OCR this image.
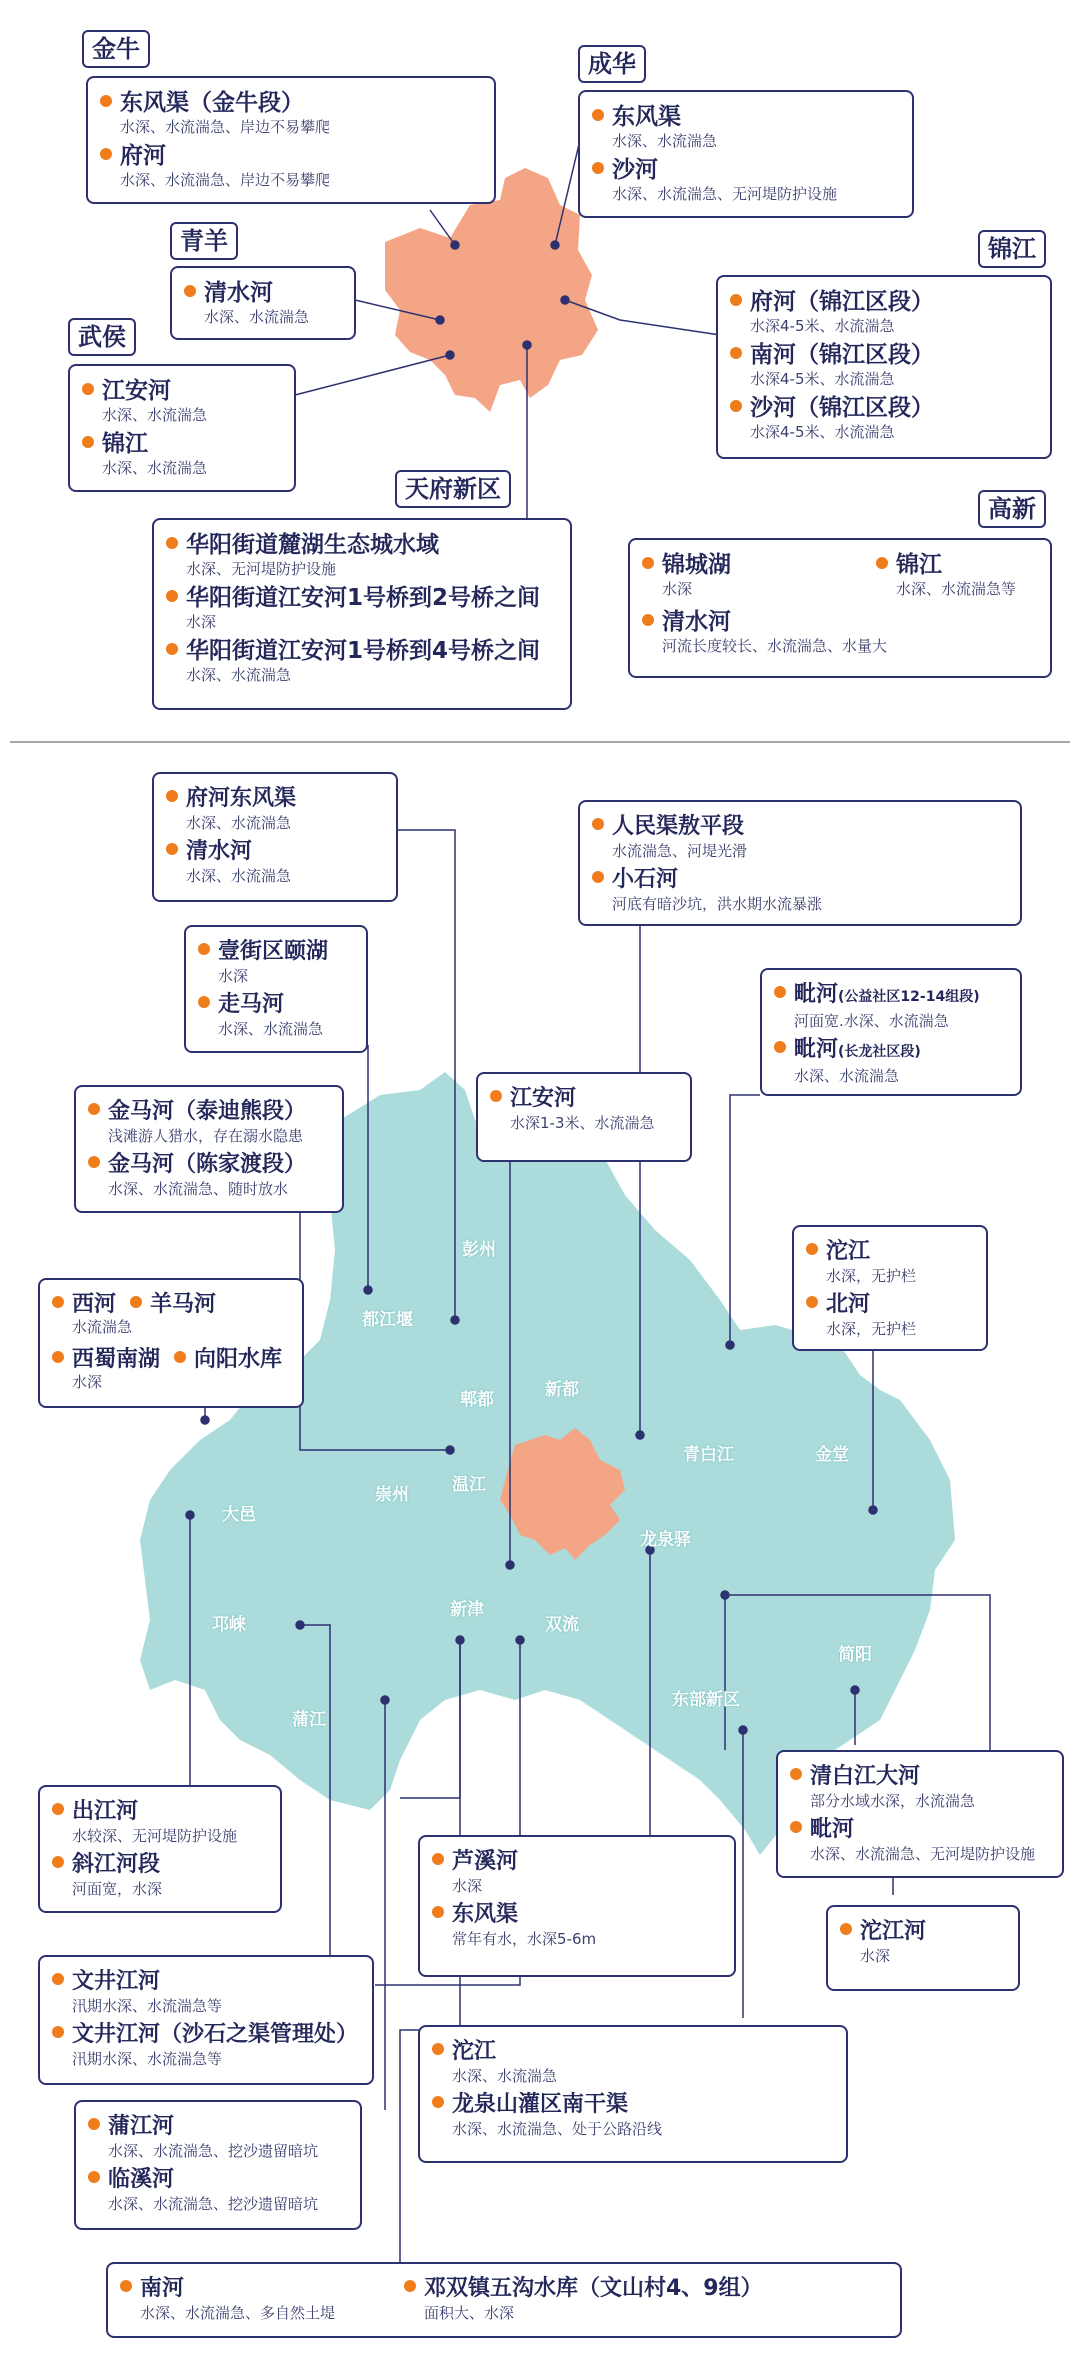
金牛
东风渠（金牛段）
水深、水流湍急、岸边不易攀爬
府河
水深、水流湍急、岸边不易攀爬
成华
东风渠
水深、水流湍急
沙河
水深、水流湍急、无河堤防护设施
青羊
清水河
水深、水流湍急
锦江
府河（锦江区段）
水深4-5米、水流湍急
南河（锦江区段）
水深4-5米、水流湍急
沙河（锦江区段）
水深4-5米、水流湍急
武侯
江安河
水深、水流湍急
锦江
水深、水流湍急
天府新区
华阳街道麓湖生态城水域
水深、无河堤防护设施
华阳街道江安河1号桥到2号桥之间
水深
华阳街道江安河1号桥到4号桥之间
水深、水流湍急
高新
锦城湖
水深
锦江
水深、水流湍急等
清水河
河流长度较长、水流湍急、水量大
彭州
都江堰
郫都	新都
青白江	金堂
大邑
崇州	温江
龙泉驿
邛崃
新津
双流
简阳
蒲江
东部新区
府河东风渠
水深、水流湍急
清水河
水深、水流湍急
人民渠敖平段
水流湍急、河堤光滑
小石河
河底有暗沙坑，洪水期水流暴涨
壹街区颐湖
水深
走马河
水深、水流湍急
毗河(公益社区12-14组段)
河面宽.水深、水流湍急
毗河(长龙社区段)
水深、水流湍急
金马河（泰迪熊段）
浅滩游人猎水，存在溺水隐患
金马河（陈家渡段）
水深、水流湍急、随时放水
江安河
水深1-3米、水流湍急
沱江
水深，无护栏
北河
水深，无护栏
西河	羊马河
水流湍急
西蜀南湖	向阳水库
水深
出江河
水较深、无河堤防护设施
斜江河段
河面宽，水深
芦溪河
水深
东风渠
常年有水，水深5-6m
清白江大河
部分水域水深，水流湍急
毗河
水深、水流湍急、无河堤防护设施
沱江河
水深
文井江河
汛期水深、水流湍急等
文井江河（沙石之渠管理处）
汛期水深、水流湍急等	沱江
水深、水流湍急
龙泉山灌区南干渠
水深、水流湍急、处于公路沿线
蒲江河
水深、水流湍急、挖沙遗留暗坑
临溪河
水深、水流湍急、挖沙遗留暗坑
南河
水深、水流湍急、多自然土堤
邓双镇五沟水库（文山村4、9组）
面积大、水深
